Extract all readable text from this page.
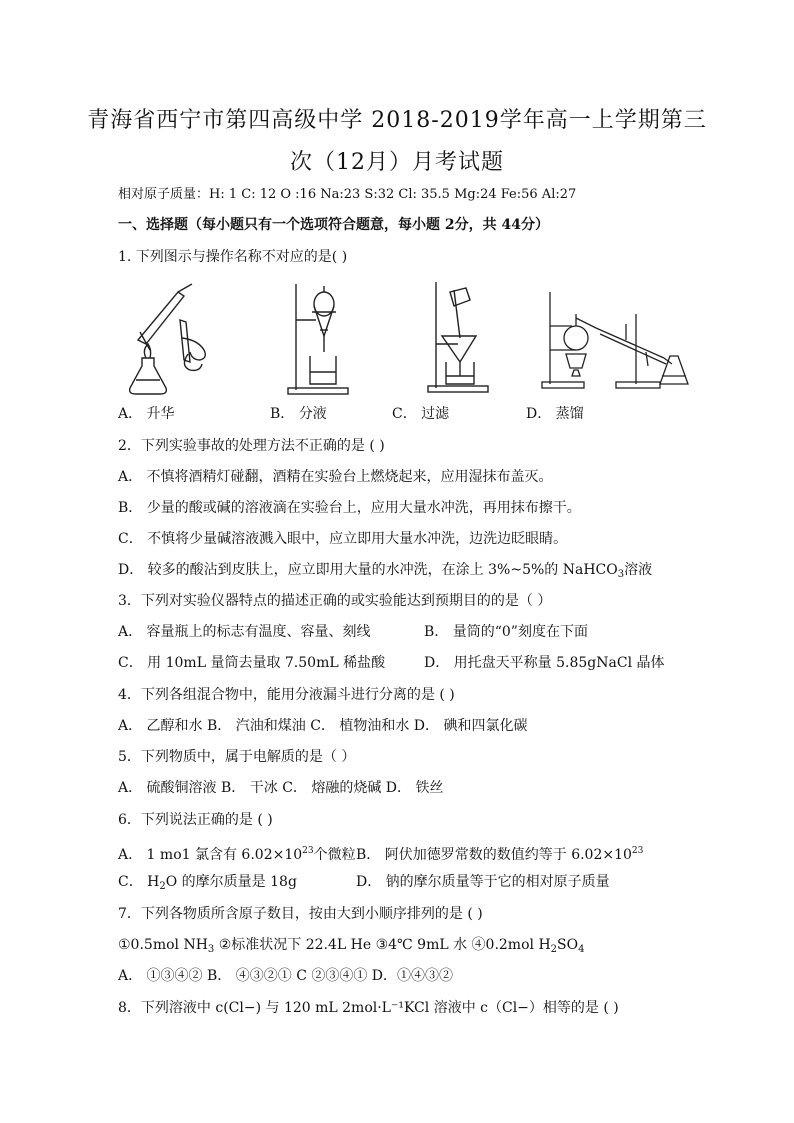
青海省西宁市第四高级中学 2018-2019学年高一上学期第三
次（12月）月考试题
相对原子质量：H: 1 C: 12 O :16 Na:23 S:32 Cl: 35.5 Mg:24 Fe:56 Al:27
一、选择题（每小题只有一个选项符合题意，每小题 2分，共 44分）
1. 下列图示与操作名称不对应的是( )
A． 升华	B． 分液	C． 过滤	D． 蒸馏
2．下列实验事故的处理方法不正确的是 ( )
A． 不慎将酒精灯碰翻，酒精在实验台上燃烧起来，应用湿抹布盖灭。
B． 少量的酸或碱的溶液滴在实验台上，应用大量水冲洗，再用抹布擦干。
C． 不慎将少量碱溶液溅入眼中，应立即用大量水冲洗，边洗边眨眼睛。
D． 较多的酸沾到皮肤上，应立即用大量的水冲洗，在涂上 3%~5%的 NaHCO$_3$溶液
3．下列对实验仪器特点的描述正确的或实验能达到预期目的的是（ ）
A． 容量瓶上的标志有温度、容量、刻线	B． 量筒的“0”刻度在下面
C． 用 10mL 量筒去量取 7.50mL 稀盐酸	D． 用托盘天平称量 5.85gNaCl 晶体
4．下列各组混合物中，能用分液漏斗进行分离的是 ( )
A． 乙醇和水 B． 汽油和煤油 C． 植物油和水 D． 碘和四氯化碳
5．下列物质中，属于电解质的是（ ）
A． 硫酸铜溶液 B． 干冰 C． 熔融的烧碱 D． 铁丝
6．下列说法正确的是 ( )
A． 1 mo1 氯含有 $6.02\times 10^{23}$个微粒 B． 阿伏加德罗常数的数值约等于 $6.02\times 10^{23}$
C． $H_2O$ 的摩尔质量是 18g	D． 钠的摩尔质量等于它的相对原子质量
7．下列各物质所含原子数目，按由大到小顺序排列的是 ( )
①0.5mol $NH_3$ ②标准状况下 22.4L He ③4℃ 9mL 水 ④0.2mol $H_2SO_4$
A． ①③④② B． ④③②① C ②③④① D．①④③②
8．下列溶液中 c(Cl−) 与 120 mL 2mol·L⁻¹KCl 溶液中 c（Cl−）相等的是 ( )
